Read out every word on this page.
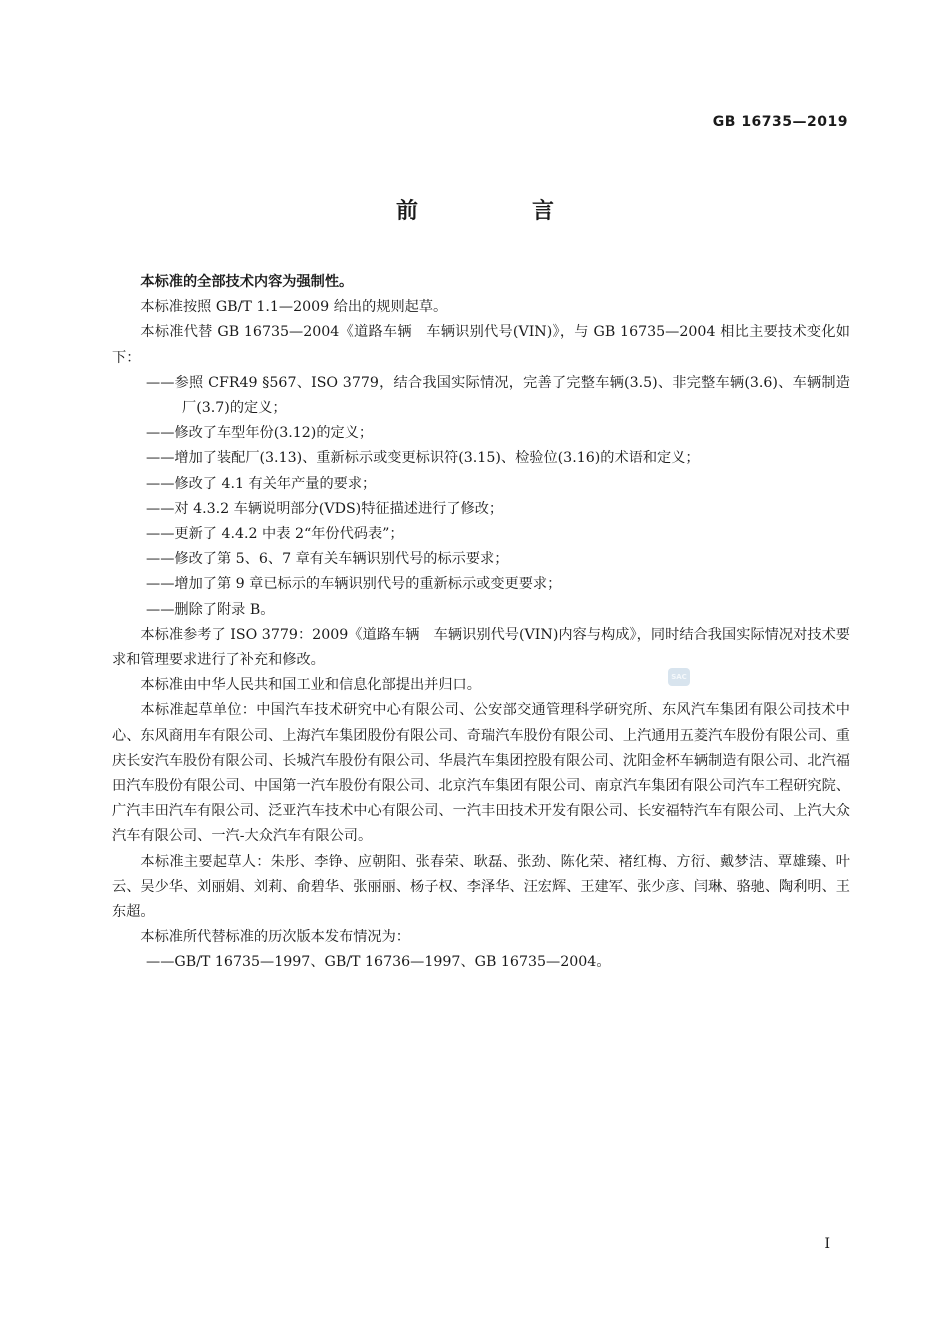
GB 16735—2019
前　言

本标准的全部技术内容为强制性。

本标准按照 GB/T 1.1—2009 给出的规则起草。

本标准代替 GB 16735—2004《道路车辆　车辆识别代号(VIN)》，与 GB 16735—2004 相比主要技术变化如下：

——参照 CFR49 §567、ISO 3779，结合我国实际情况，完善了完整车辆(3.5)、非完整车辆(3.6)、车辆制造厂(3.7)的定义；

——修改了车型年份(3.12)的定义；

——增加了装配厂(3.13)、重新标示或变更标识符(3.15)、检验位(3.16)的术语和定义；

——修改了 4.1 有关年产量的要求；

——对 4.3.2 车辆说明部分(VDS)特征描述进行了修改；

——更新了 4.4.2 中表 2“年份代码表”；

——修改了第 5、6、7 章有关车辆识别代号的标示要求；

——增加了第 9 章已标示的车辆识别代号的重新标示或变更要求；

——删除了附录 B。

本标准参考了 ISO 3779：2009《道路车辆　车辆识别代号(VIN)内容与构成》，同时结合我国实际情况对技术要求和管理要求进行了补充和修改。

本标准由中华人民共和国工业和信息化部提出并归口。

本标准起草单位：中国汽车技术研究中心有限公司、公安部交通管理科学研究所、东风汽车集团有限公司技术中心、东风商用车有限公司、上海汽车集团股份有限公司、奇瑞汽车股份有限公司、上汽通用五菱汽车股份有限公司、重庆长安汽车股份有限公司、长城汽车股份有限公司、华晨汽车集团控股有限公司、沈阳金杯车辆制造有限公司、北汽福田汽车股份有限公司、中国第一汽车股份有限公司、北京汽车集团有限公司、南京汽车集团有限公司汽车工程研究院、广汽丰田汽车有限公司、泛亚汽车技术中心有限公司、一汽丰田技术开发有限公司、长安福特汽车有限公司、上汽大众汽车有限公司、一汽-大众汽车有限公司。

本标准主要起草人：朱彤、李铮、应朝阳、张春荣、耿磊、张劲、陈化荣、褚红梅、方衍、戴梦洁、覃雄臻、叶云、吴少华、刘丽娟、刘莉、俞碧华、张丽丽、杨子权、李泽华、汪宏辉、王建军、张少彦、闫琳、骆驰、陶利明、王东超。

本标准所代替标准的历次版本发布情况为：

——GB/T 16735—1997、GB/T 16736—1997、GB 16735—2004。

SAC
I
